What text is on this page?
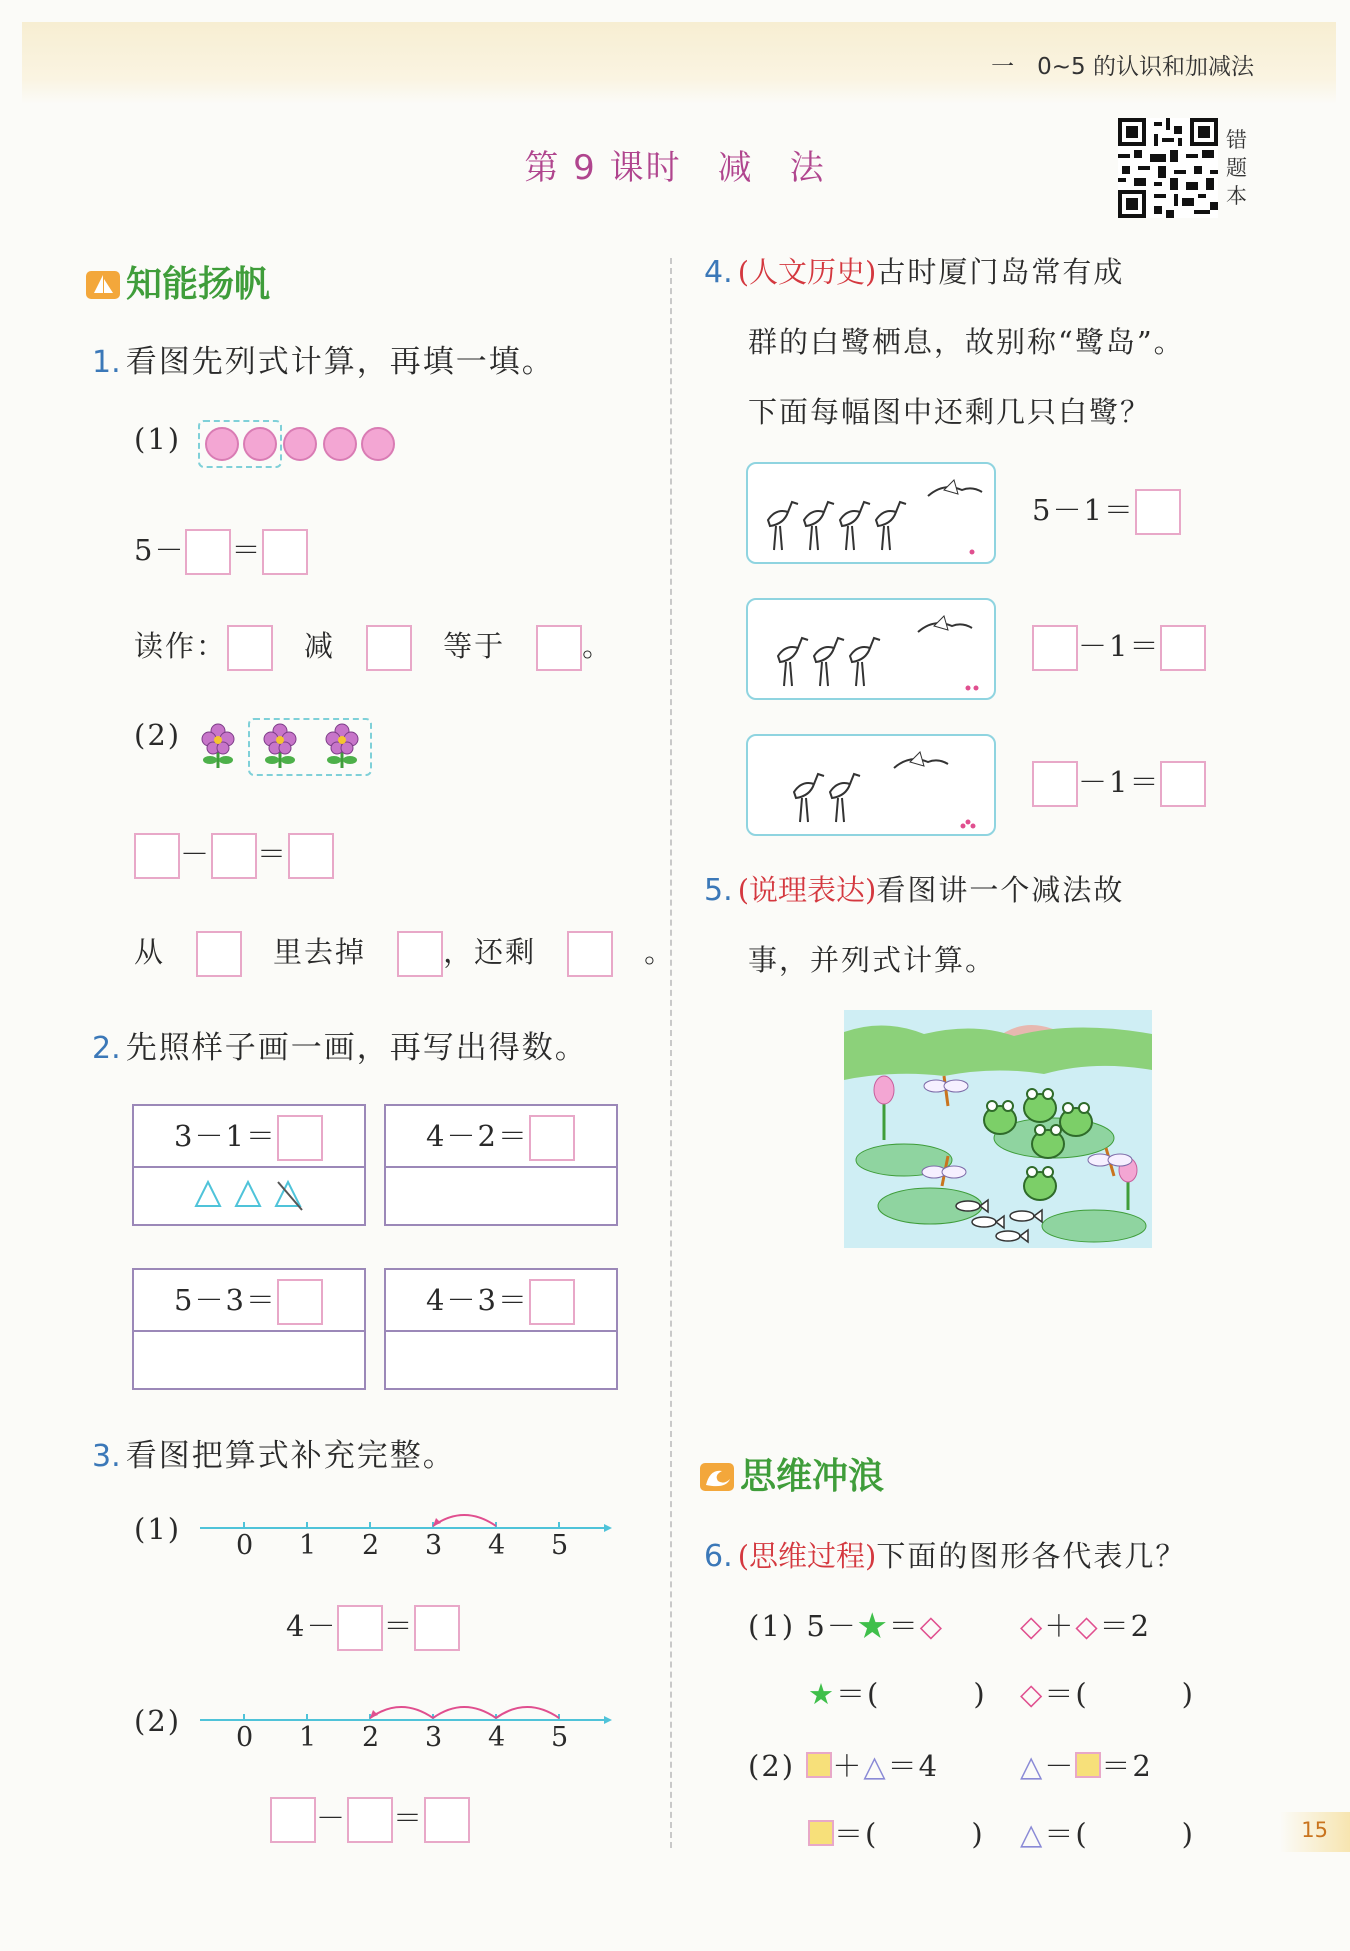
一　0~5 的认识和加减法
第 9 课时　减　法
错题本
知能扬帆
1. 看图先列式计算，再填一填。
(1)
5－ ＝
读作：　	减　　	等于　	。
(2)
－ ＝
从　　	里去掉　	，还剩　　	。
2. 先照样子画一画，再写出得数。
3－1＝	4－2＝
5－3＝	4－3＝
3. 看图把算式补充完整。
(1) 0 1 2 3 4 5
4－ ＝
(2) 0 1 2 3 4 5
－ ＝
4. (人文历史)古时厦门岛常有成
群的白鹭栖息，故别称“鹭岛”。
下面每幅图中还剩几只白鹭？
5－1＝
－1＝
－1＝
5. (说理表达)看图讲一个减法故
事，并列式计算。
思维冲浪
6. (思维过程)下面的图形各代表几？
(1) 5－★＝◇	◇＋◇＝2
★＝(　　　) ◇＝(　　　)
(2) ＋△＝4	△－ ＝2
＝(　　　) △＝(　　　)	15
